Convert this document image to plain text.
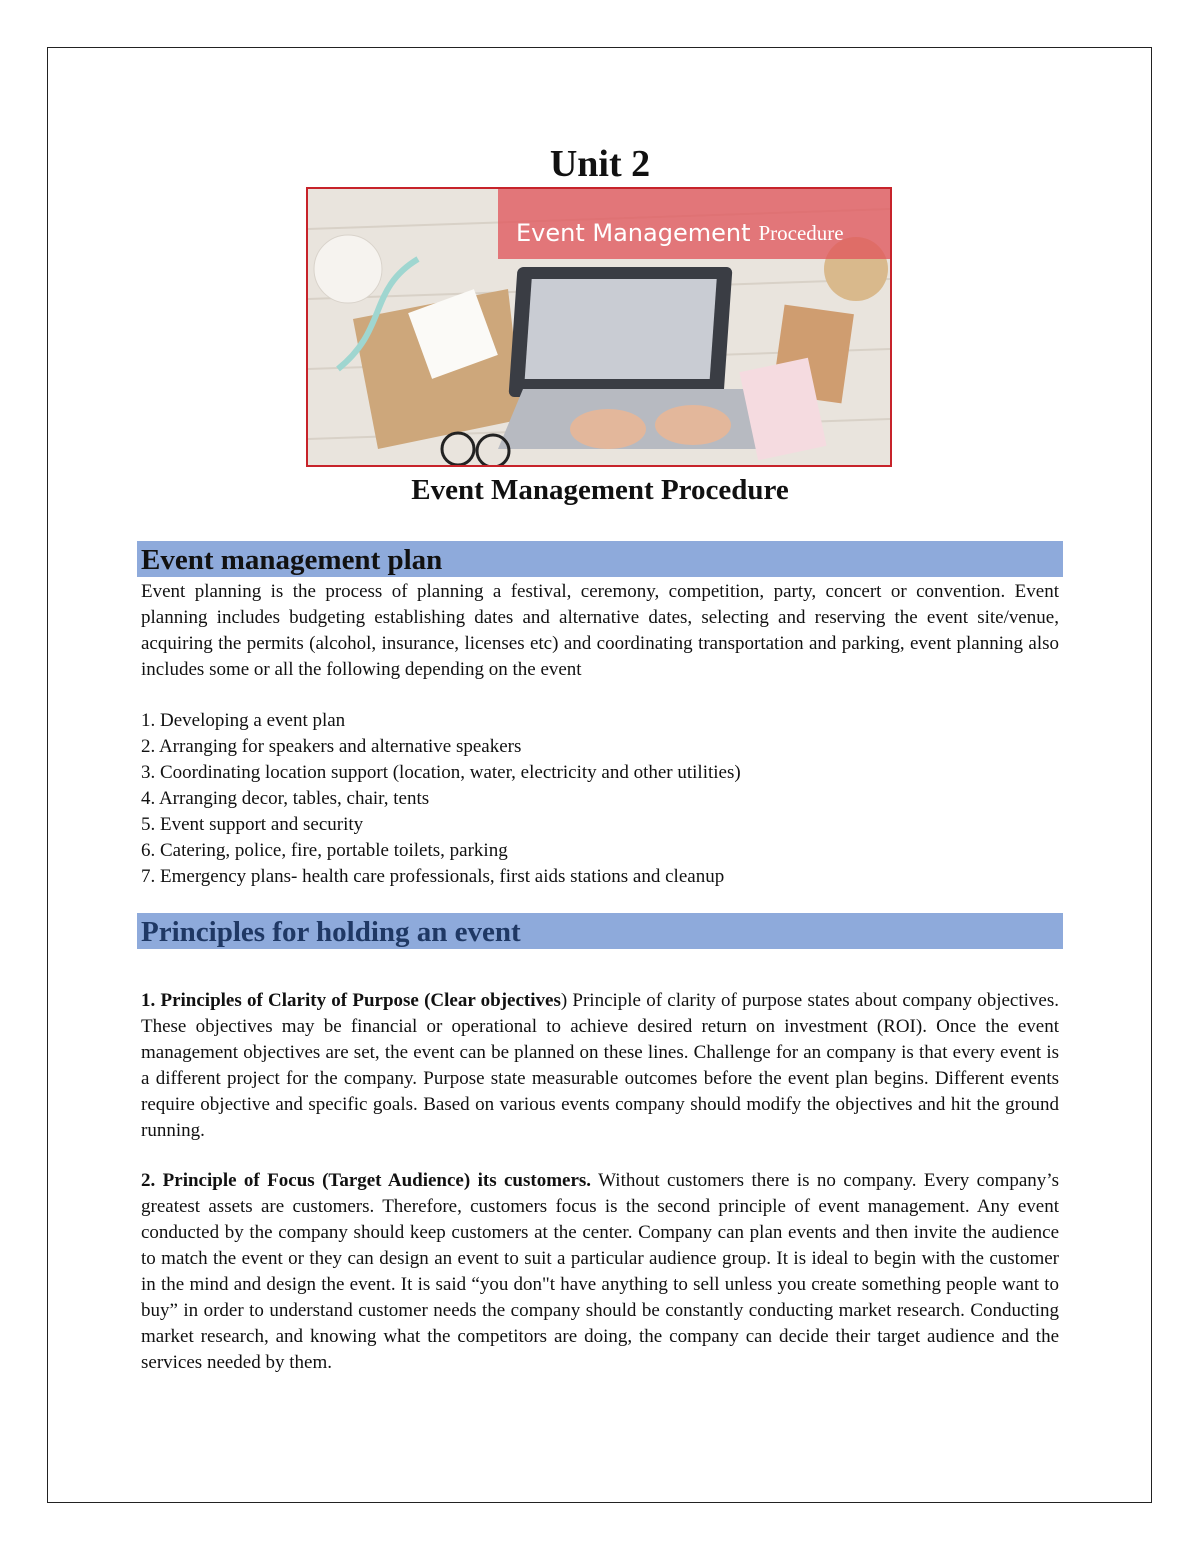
Unit 2
Event Management Procedure
Event Management Procedure
Event management plan
Event planning is the process of planning a festival, ceremony, competition, party, concert or convention. Event planning includes budgeting establishing dates and alternative dates, selecting and reserving the event site/venue, acquiring the permits (alcohol, insurance, licenses etc) and coordinating transportation and parking, event planning also includes some or all the following depending on the event
1. Developing a event plan
2. Arranging for speakers and alternative speakers
3. Coordinating location support (location, water, electricity and other utilities)
4. Arranging decor, tables, chair, tents
5. Event support and security
6. Catering, police, fire, portable toilets, parking
7. Emergency plans- health care professionals, first aids stations and cleanup
Principles for holding an event
1. Principles of Clarity of Purpose (Clear objectives) Principle of clarity of purpose states about company objectives. These objectives may be financial or operational to achieve desired return on investment (ROI). Once the event management objectives are set, the event can be planned on these lines. Challenge for an company is that every event is a different project for the company. Purpose state measurable outcomes before the event plan begins. Different events require objective and specific goals. Based on various events company should modify the objectives and hit the ground running.
2. Principle of Focus (Target Audience) its customers. Without customers there is no company. Every company’s greatest assets are customers. Therefore, customers focus is the second principle of event management. Any event conducted by the company should keep customers at the center. Company can plan events and then invite the audience to match the event or they can design an event to suit a particular audience group. It is ideal to begin with the customer in the mind and design the event. It is said “you don"t have anything to sell unless you create something people want to buy” in order to understand customer needs the company should be constantly conducting market research. Conducting market research, and knowing what the competitors are doing, the company can decide their target audience and the services needed by them.
